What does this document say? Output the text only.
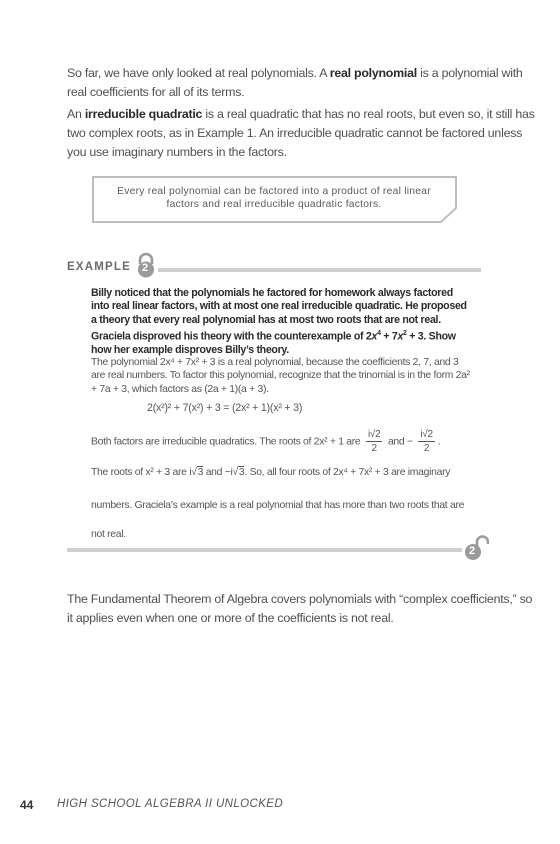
So far, we have only looked at real polynomials. A real polynomial is a polynomial with real coefficients for all of its terms.
An irreducible quadratic is a real quadratic that has no real roots, but even so, it still has two complex roots, as in Example 1. An irreducible quadratic cannot be factored unless you use imaginary numbers in the factors.
Every real polynomial can be factored into a product of real linear factors and real irreducible quadratic factors.
EXAMPLE 2
Billy noticed that the polynomials he factored for homework always factored into real linear factors, with at most one real irreducible quadratic. He proposed a theory that every real polynomial has at most two roots that are not real. Graciela disproved his theory with the counterexample of $2x^4 + 7x^2 + 3$. Show how her example disproves Billy’s theory.
The polynomial 2x⁴ + 7x² + 3 is a real polynomial, because the coefficients 2, 7, and 3 are real numbers. To factor this polynomial, recognize that the trinomial is in the form 2a² + 7a + 3, which factors as (2a + 1)(a + 3).
2(x²)² + 7(x²) + 3 = (2x² + 1)(x² + 3)
Both factors are irreducible quadratics. The roots of 2x² + 1 are $\frac{i√2}{2}$ and − $\frac{i√2}{2}$ .
The roots of x² + 3 are i√3 and −i√3. So, all four roots of 2x⁴ + 7x² + 3 are imaginary
numbers. Graciela’s example is a real polynomial that has more than two roots that are
not real.
2
The Fundamental Theorem of Algebra covers polynomials with “complex coefficients,” so it applies even when one or more of the coefficients is not real.
44 HIGH SCHOOL ALGEBRA II UNLOCKED
